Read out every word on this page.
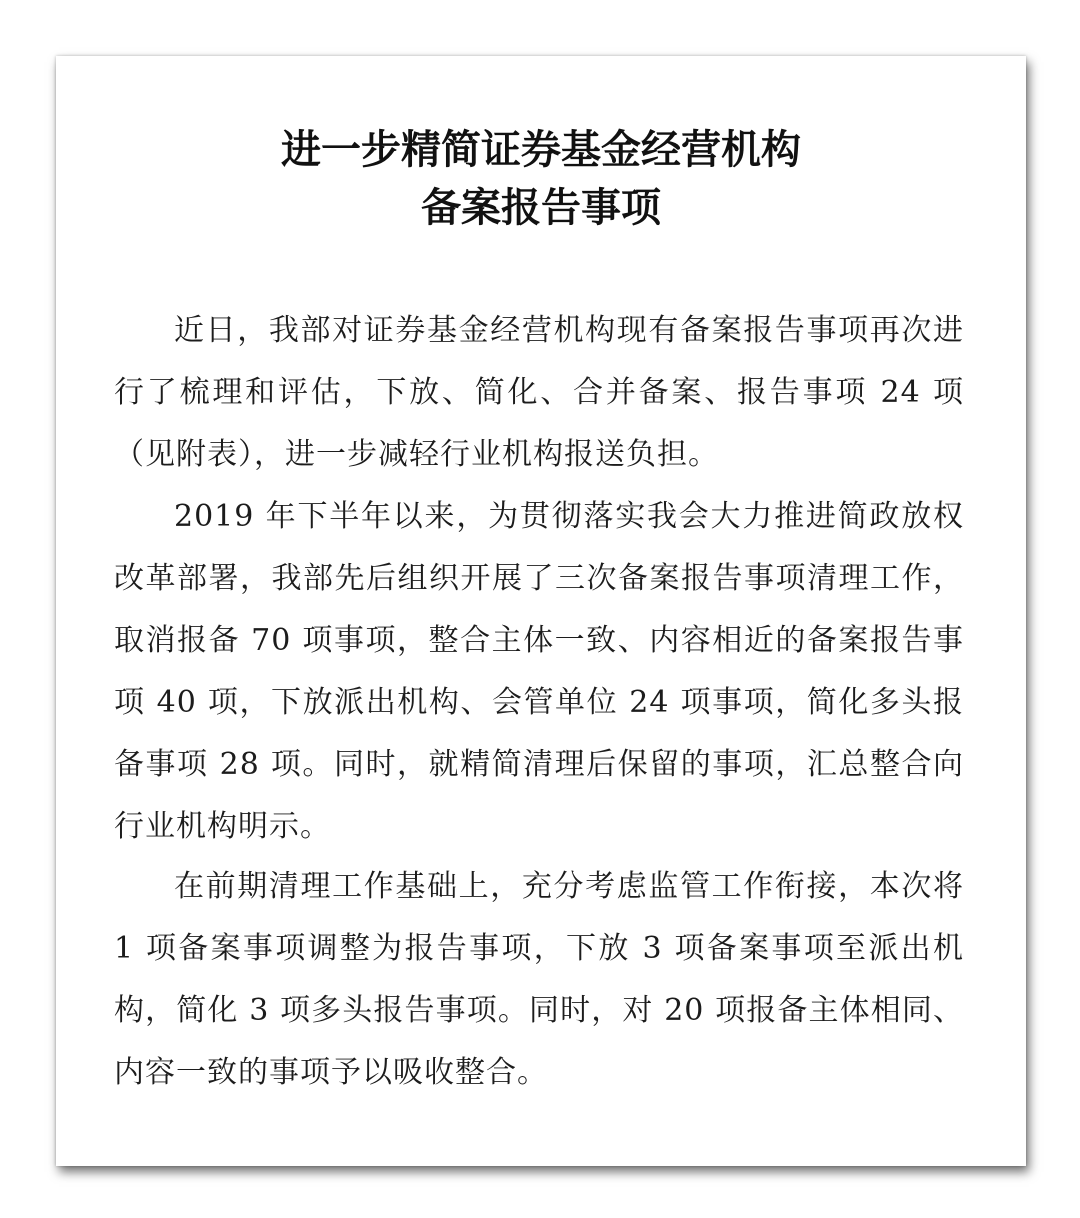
进一步精简证券基金经营机构
备案报告事项

近日，我部对证券基金经营机构现有备案报告事项再次进行了梳理和评估，下放、简化、合并备案、报告事项 24 项（见附表），进一步减轻行业机构报送负担。

2019 年下半年以来，为贯彻落实我会大力推进简政放权改革部署，我部先后组织开展了三次备案报告事项清理工作，取消报备 70 项事项，整合主体一致、内容相近的备案报告事项 40 项，下放派出机构、会管单位 24 项事项，简化多头报备事项 28 项。同时，就精简清理后保留的事项，汇总整合向行业机构明示。

在前期清理工作基础上，充分考虑监管工作衔接，本次将 1 项备案事项调整为报告事项，下放 3 项备案事项至派出机构，简化 3 项多头报告事项。同时，对 20 项报备主体相同、内容一致的事项予以吸收整合。
